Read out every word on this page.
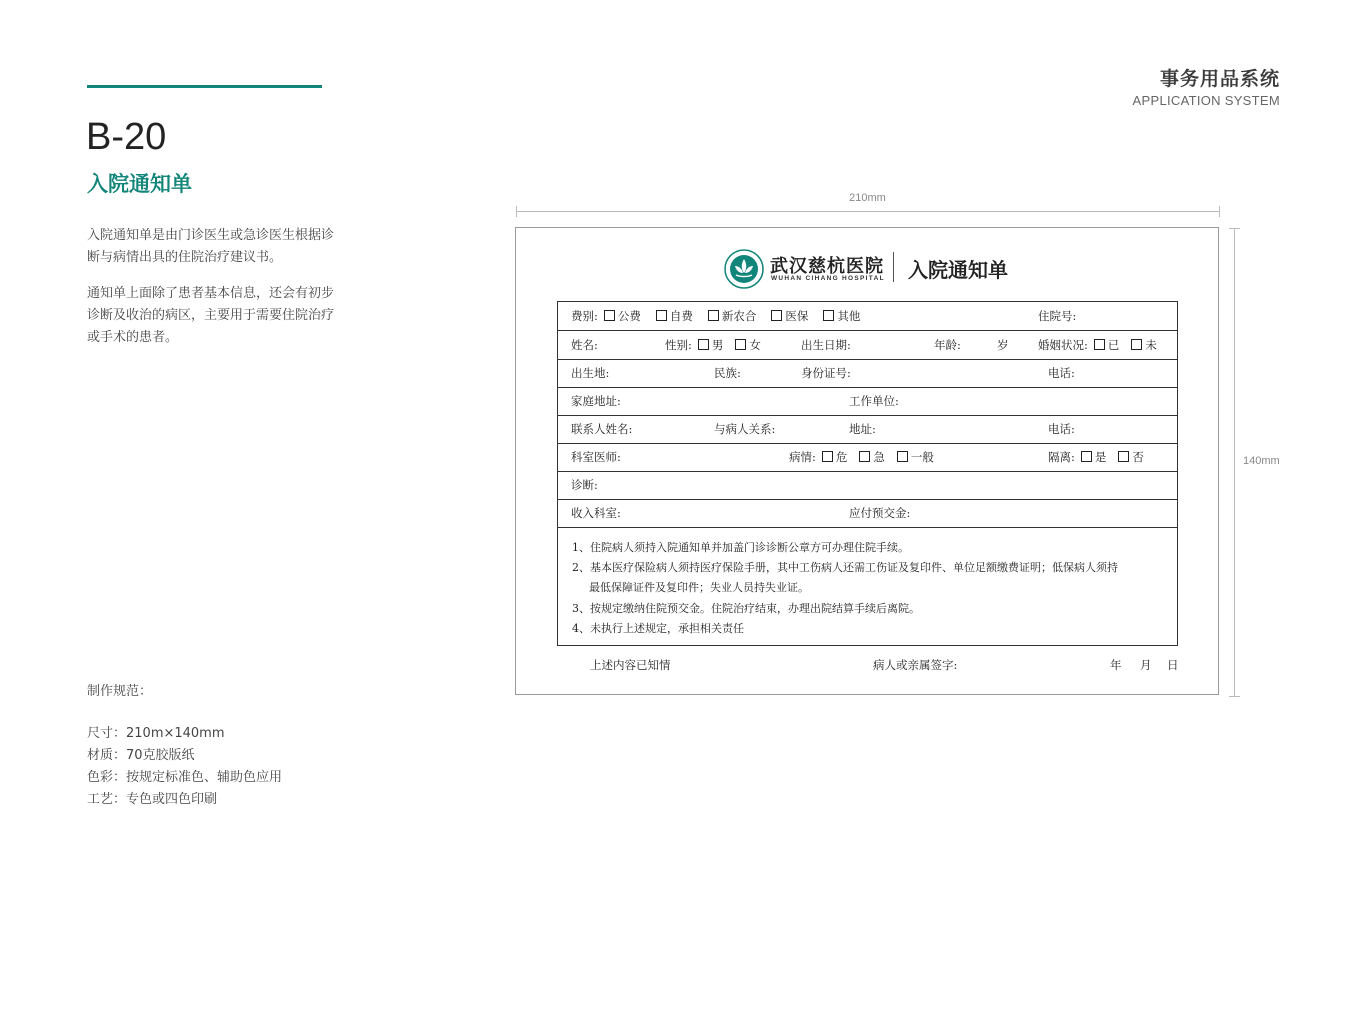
事务用品系统
APPLICATION SYSTEM
B-20
入院通知单
入院通知单是由门诊医生或急诊医生根据诊断与病情出具的住院治疗建议书。
通知单上面除了患者基本信息，还会有初步诊断及收治的病区，主要用于需要住院治疗或手术的患者。
制作规范：
尺寸：210m×140mm
材质：70克胶版纸
色彩：按规定标准色、辅助色应用
工艺：专色或四色印刷
210mm
140mm
武汉慈杭医院
WUHAN CIHANG HOSPITAL 入院通知单
费别: 公费	自费	新农合	医保	其他	住院号:
姓名:	性别: 男 女	出生日期:	年龄:	岁	婚姻状况: 已 未
出生地:	民族:	身份证号:	电话:
家庭地址:	工作单位:
联系人姓名:	与病人关系:	地址:	电话:
科室医师:	病情: 危 急 一般	隔离: 是 否
诊断:
收入科室:	应付预交金:
1、住院病人须持入院通知单并加盖门诊诊断公章方可办理住院手续。
2、基本医疗保险病人须持医疗保险手册，其中工伤病人还需工伤证及复印件、单位足额缴费证明；低保病人须持
最低保障证件及复印件；失业人员持失业证。
3、按规定缴纳住院预交金。住院治疗结束，办理出院结算手续后离院。
4、未执行上述规定，承担相关责任
上述内容已知情	病人或亲属签字:	年 月 日
